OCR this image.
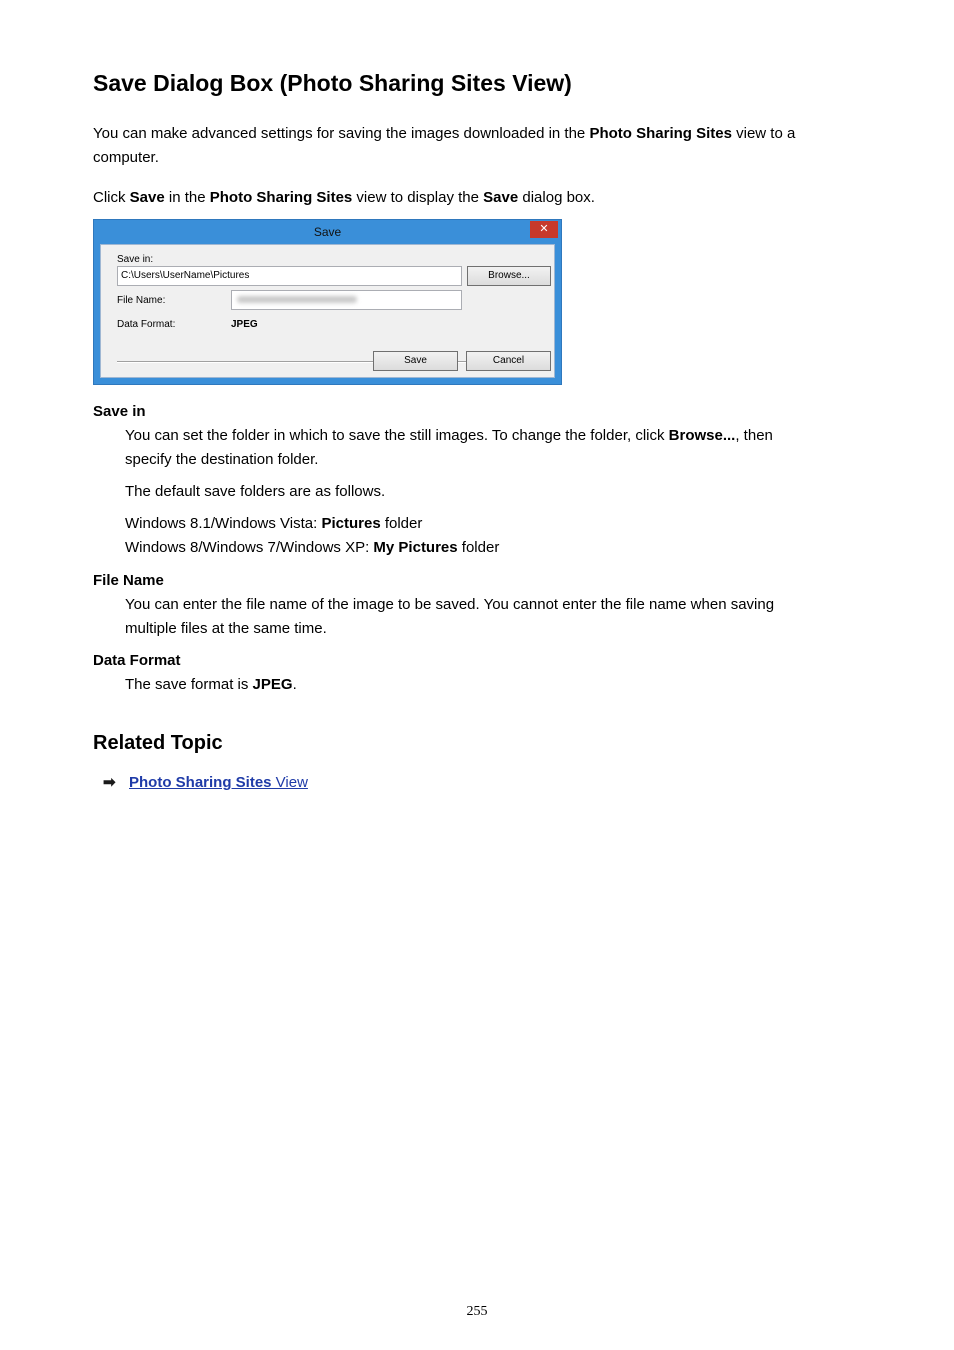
Save Dialog Box (Photo Sharing Sites View)

You can make advanced settings for saving the images downloaded in the Photo Sharing Sites view to a
computer.

Click Save in the Photo Sharing Sites view to display the Save dialog box.

Save	✕
Save in:
C:\Users\UserName\Pictures	Browse...
File Name:
Data Format:	JPEG
Save	Cancel

Save in

You can set the folder in which to save the still images. To change the folder, click Browse..., then
specify the destination folder.

The default save folders are as follows.

Windows 8.1/Windows Vista: Pictures folder
Windows 8/Windows 7/Windows XP: My Pictures folder

File Name

You can enter the file name of the image to be saved. You cannot enter the file name when saving
multiple files at the same time.

Data Format

The save format is JPEG.

Related Topic
➡ Photo Sharing Sites View
255
